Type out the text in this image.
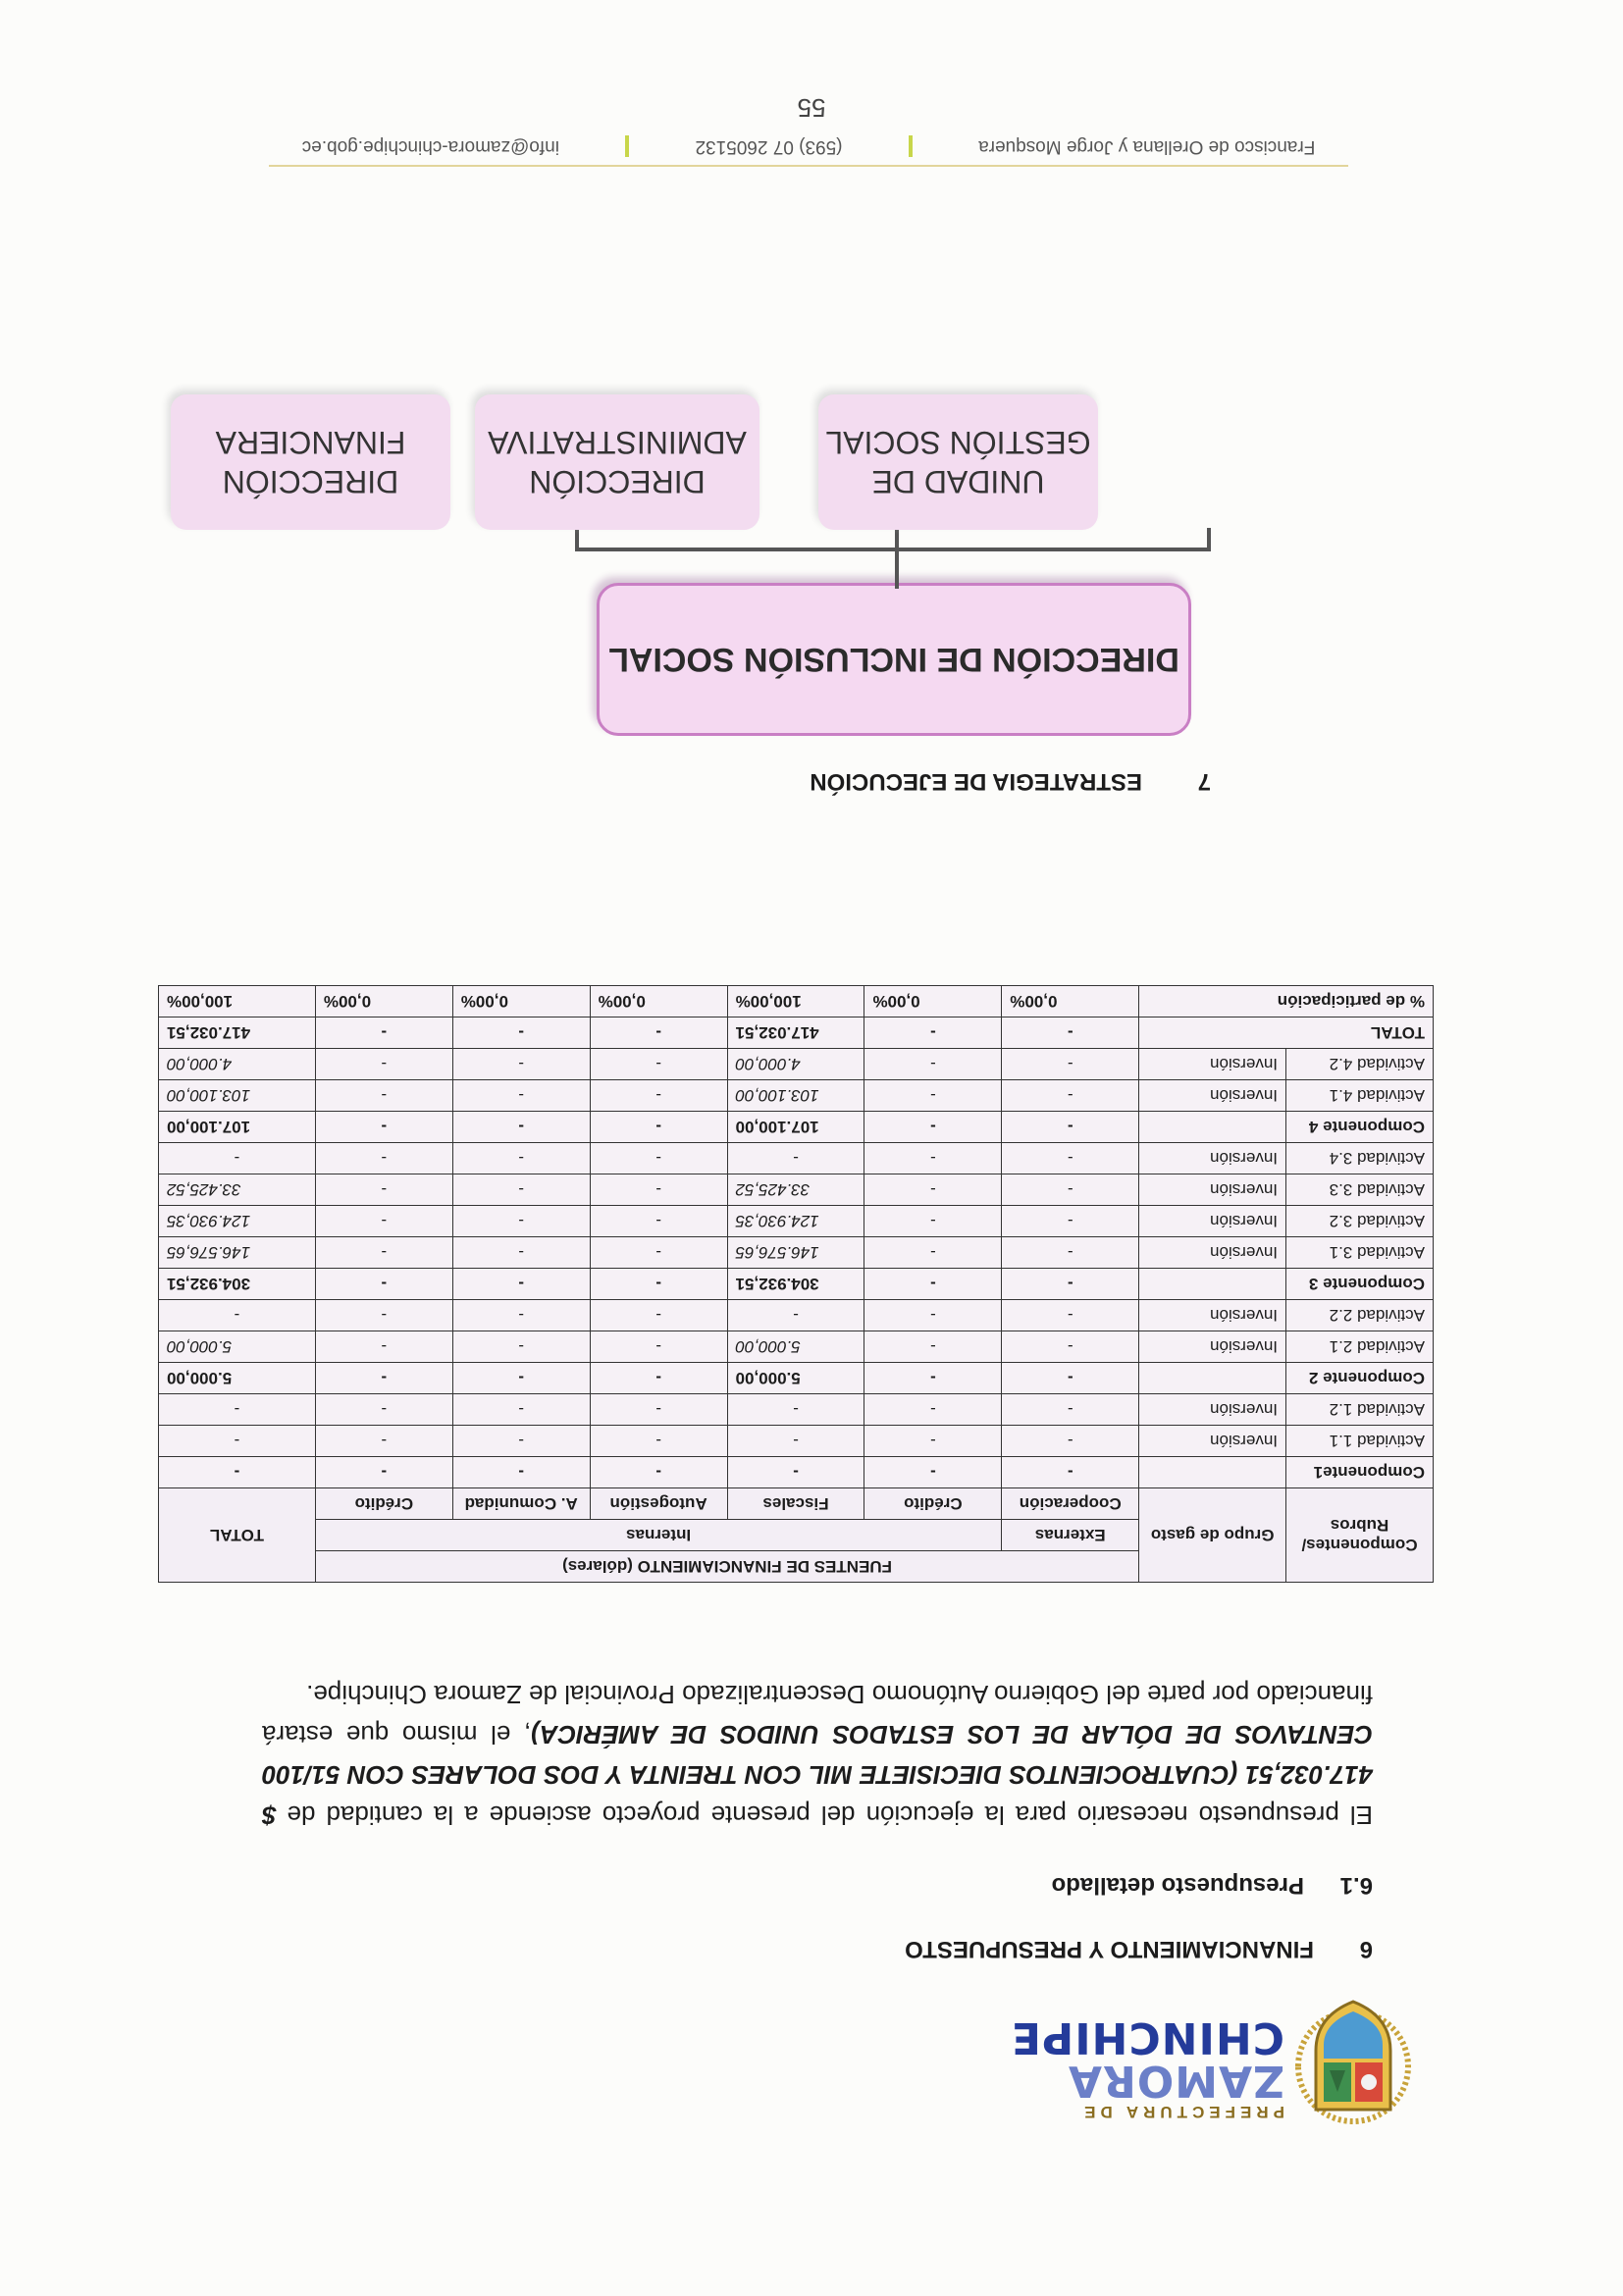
PREFECTURA DE
ZAMORA
CHINCHIPE
6FINANCIAMIENTO Y PRESUPUESTO
6.1Presupuesto detallado
El presupuesto necesario para la ejecución del presente proyecto asciende a la cantidad de $ 417.032,51 (CUATROCIENTOS DIECISIETE MIL CON TREINTA Y DOS DOLARES CON 51/100 CENTAVOS DE DÓLAR DE LOS ESTADOS UNIDOS DE AMÉRICA), el mismo que estará financiado por parte del Gobierno Autónomo Descentralizado Provincial de Zamora Chinchipe.
Componentes/ Rubros	Grupo de gasto	FUENTES DE FINANCIAMIENTO (dólares)						TOTAL
		Externas	Internas					
		Cooperación	Crédito	Fiscales	Autogestión	A. Comunidad	Crédito	
Componente1		-	-	-	-	-	-	-
Actividad 1.1	Inversión	-	-	-	-	-	-	-
Actividad 1.2	Inversión	-	-	-	-	-	-	-
Componente 2		-	-	5.000,00	-	-	-	5.000,00
Actividad 2.1	Inversión	-	-	5.000,00	-	-	-	5.000,00
Actividad 2.2	Inversión	-	-	-	-	-	-	-
Componente 3		-	-	304.932,51	-	-	-	304.932,51
Actividad 3.1	Inversión	-	-	146.576,65	-	-	-	146.576,65
Actividad 3.2	Inversión	-	-	124.930,35	-	-	-	124.930,35
Actividad 3.3	Inversión	-	-	33.425,52	-	-	-	33.425,52
Actividad 3.4	Inversión	-	-	-	-	-	-	-
Componente 4		-	-	107.100,00	-	-	-	107.100,00
Actividad 4.1	Inversión	-	-	103.100,00	-	-	-	103.100,00
Actividad 4.2	Inversión	-	-	4.000,00	-	-	-	4.000,00
TOTAL		-	-	417.032,51	-	-	-	417.032,51
% de participación		0,00%	0,00%	100,00%	0,00%	0,00%	0,00%	100,00%
7ESTRATEGIA DE EJECUCIÓN
DIRECCIÓN DE INCLUSIÓN SOCIAL
UNIDAD DE GESTIÓN SOCIAL
DIRECCIÓN ADMINISTRATIVA
DIRECCIÓN FINANCIERA
55
Francisco de Orellana y Jorge Mosquera
(593) 07 2605132
info@zamora-chinchipe.gob.ec
